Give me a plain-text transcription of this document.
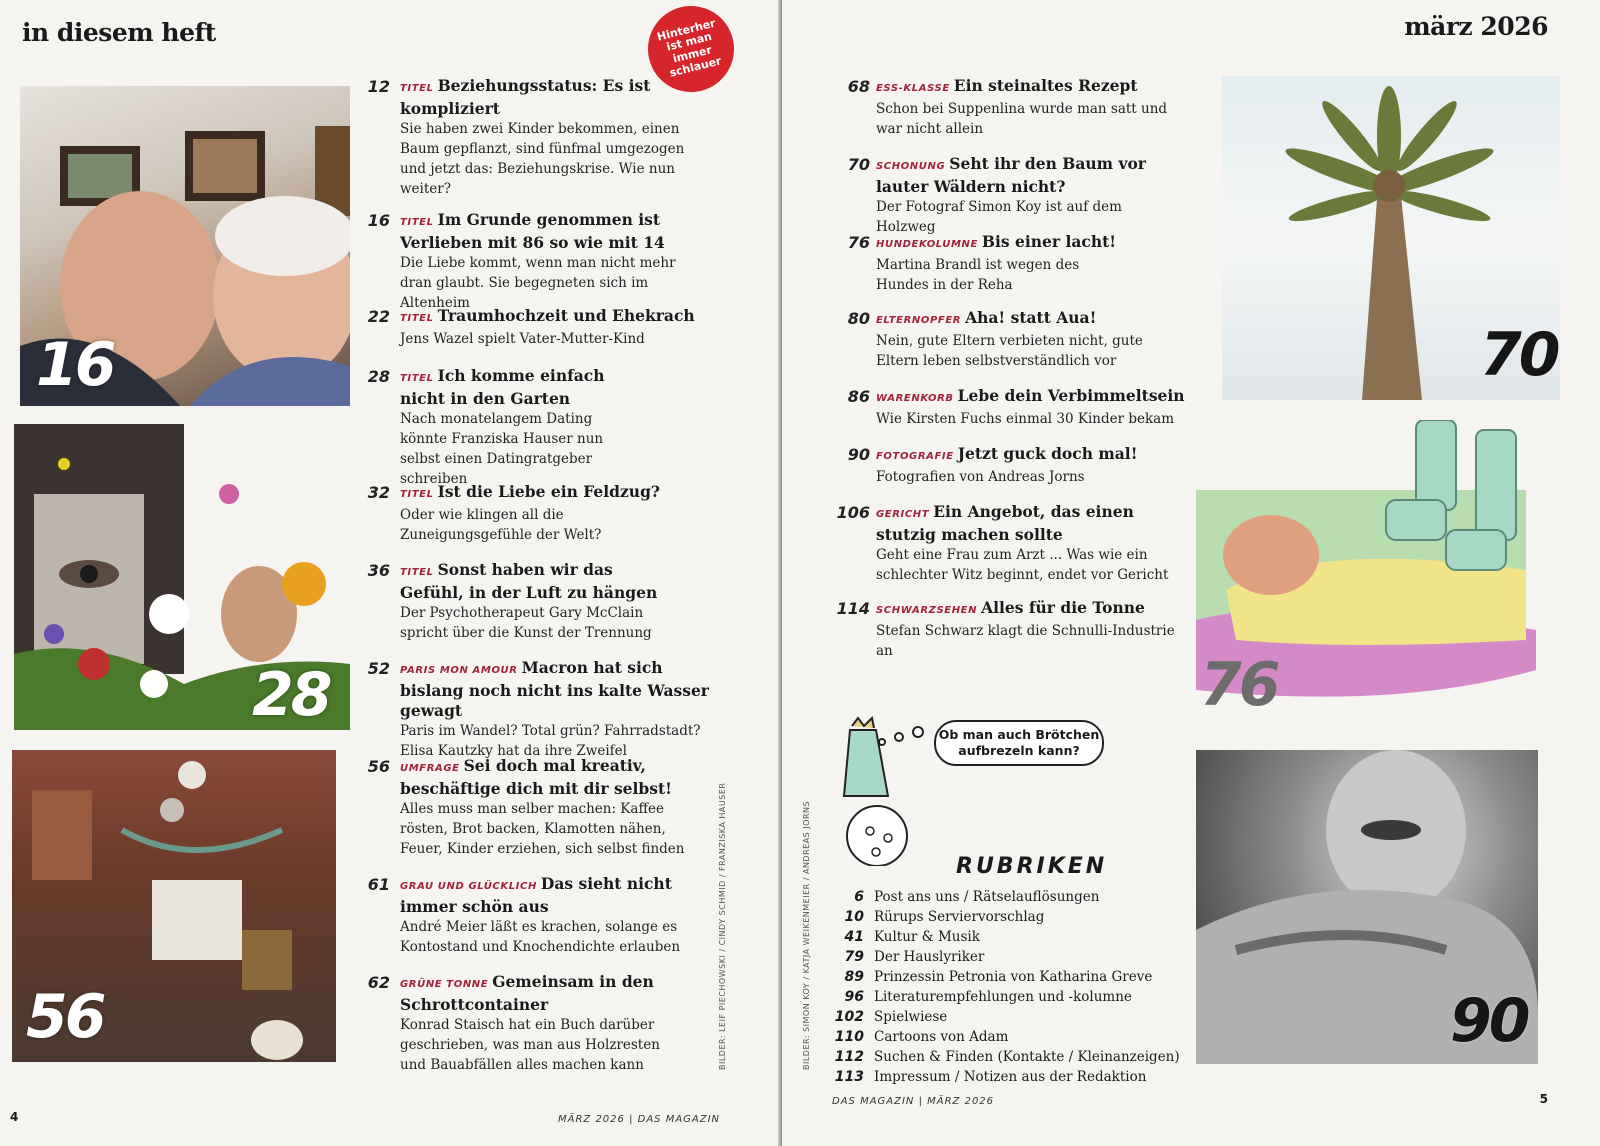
in diesem heft	Hinterher ist man immer schlauer
16
28
56
12 TITEL Beziehungsstatus: Es ist kompliziert
Sie haben zwei Kinder bekommen, einen Baum gepflanzt, sind fünfmal umgezogen und jetzt das: Beziehungskrise. Wie nun weiter?
16 TITEL Im Grunde genommen ist Verlieben mit 86 so wie mit 14
Die Liebe kommt, wenn man nicht mehr dran glaubt. Sie begegneten sich im Altenheim
22 TITEL Traumhochzeit und Ehekrach
Jens Wazel spielt Vater-Mutter-Kind
28 TITEL Ich komme einfach nicht in den Garten
Nach monatelangem Dating könnte Franziska Hauser nun selbst einen Datingratgeber schreiben
32 TITEL Ist die Liebe ein Feldzug?
Oder wie klingen all die Zuneigungsgefühle der Welt?
36 TITEL Sonst haben wir das Gefühl, in der Luft zu hängen
Der Psychotherapeut Gary McClain spricht über die Kunst der Trennung
52 PARIS MON AMOUR Macron hat sich bislang noch nicht ins kalte Wasser gewagt
Paris im Wandel? Total grün? Fahrradstadt? Elisa Kautzky hat da ihre Zweifel
56 UMFRAGE Sei doch mal kreativ, beschäftige dich mit dir selbst!
Alles muss man selber machen: Kaffee rösten, Brot backen, Klamotten nähen, Feuer, Kinder erziehen, sich selbst finden
61 GRAU UND GLÜCKLICH Das sieht nicht immer schön aus
André Meier läßt es krachen, solange es Kontostand und Knochendichte erlauben
62 GRÜNE TONNE Gemeinsam in den Schrottcontainer
Konrad Staisch hat ein Buch darüber geschrieben, was man aus Holzresten und Bauabfällen alles machen kann	BILDER: LEIF PIECHOWSKI / CINDY SCHMID / FRANZISKA HAUSER
MÄRZ 2026 | DAS MAGAZIN
4
märz 2026
70
76
90
68 ESS-KLASSE Ein steinaltes Rezept
Schon bei Suppenlina wurde man satt und war nicht allein
70 SCHONUNG Seht ihr den Baum vor lauter Wäldern nicht?
Der Fotograf Simon Koy ist auf dem Holzweg
76 HUNDEKOLUMNE Bis einer lacht!
Martina Brandl ist wegen des Hundes in der Reha
80 ELTERNOPFER Aha! statt Aua!
Nein, gute Eltern verbieten nicht, gute Eltern leben selbstverständlich vor
86 WARENKORB Lebe dein Verbimmeltsein
Wie Kirsten Fuchs einmal 30 Kinder bekam
90 FOTOGRAFIE Jetzt guck doch mal!
Fotografien von Andreas Jorns
106 GERICHT Ein Angebot, das einen stutzig machen sollte
Geht eine Frau zum Arzt ... Was wie ein schlechter Witz beginnt, endet vor Gericht
114 SCHWARZSEHEN Alles für die Tonne
Stefan Schwarz klagt die Schnulli-Industrie an
Ob man auch Brötchen aufbrezeln kann?
RUBRIKEN
6 Post ans uns / Rätselauflösungen
10 Rürups Serviervorschlag
41 Kultur & Musik
79 Der Hauslyriker
89 Prinzessin Petronia von Katharina Greve
96 Literaturempfehlungen und -kolumne
102 Spielwiese
110 Cartoons von Adam
112 Suchen & Finden (Kontakte / Kleinanzeigen)
113 Impressum / Notizen aus der Redaktion
BILDER: SIMON KOY / KATJA WEIKENMEIER / ANDREAS JORNS
DAS MAGAZIN | MÄRZ 2026	5
